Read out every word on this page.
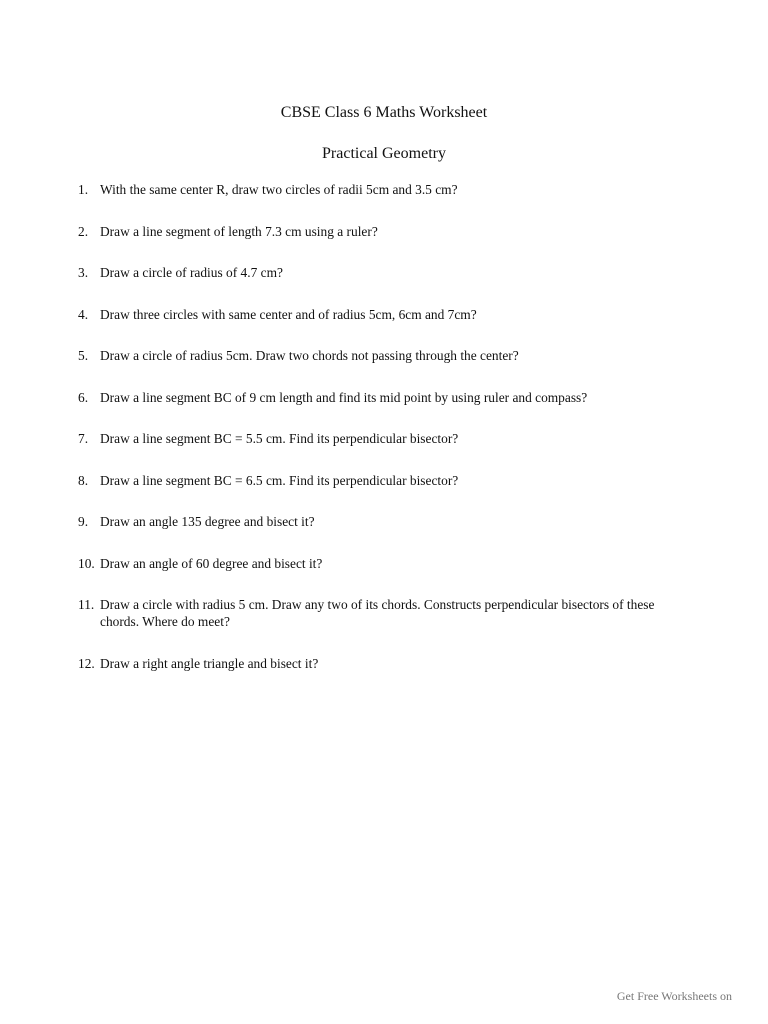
CBSE Class 6 Maths Worksheet
Practical Geometry
1. With the same center R, draw two circles of radii 5cm and 3.5 cm?
2. Draw a line segment of length 7.3 cm using a ruler?
3. Draw a circle of radius of 4.7 cm?
4. Draw three circles with same center and of radius 5cm, 6cm and 7cm?
5. Draw a circle of radius 5cm. Draw two chords not passing through the center?
6. Draw a line segment BC of 9 cm length and find its mid point by using ruler and compass?
7. Draw a line segment BC = 5.5 cm. Find its perpendicular bisector?
8. Draw a line segment BC = 6.5 cm. Find its perpendicular bisector?
9. Draw an angle 135 degree and bisect it?
10. Draw an angle of 60 degree and bisect it?
11. Draw a circle with radius 5 cm. Draw any two of its chords. Constructs perpendicular bisectors of these chords. Where do meet?
12. Draw a right angle triangle and bisect it?
Get Free Worksheets on
